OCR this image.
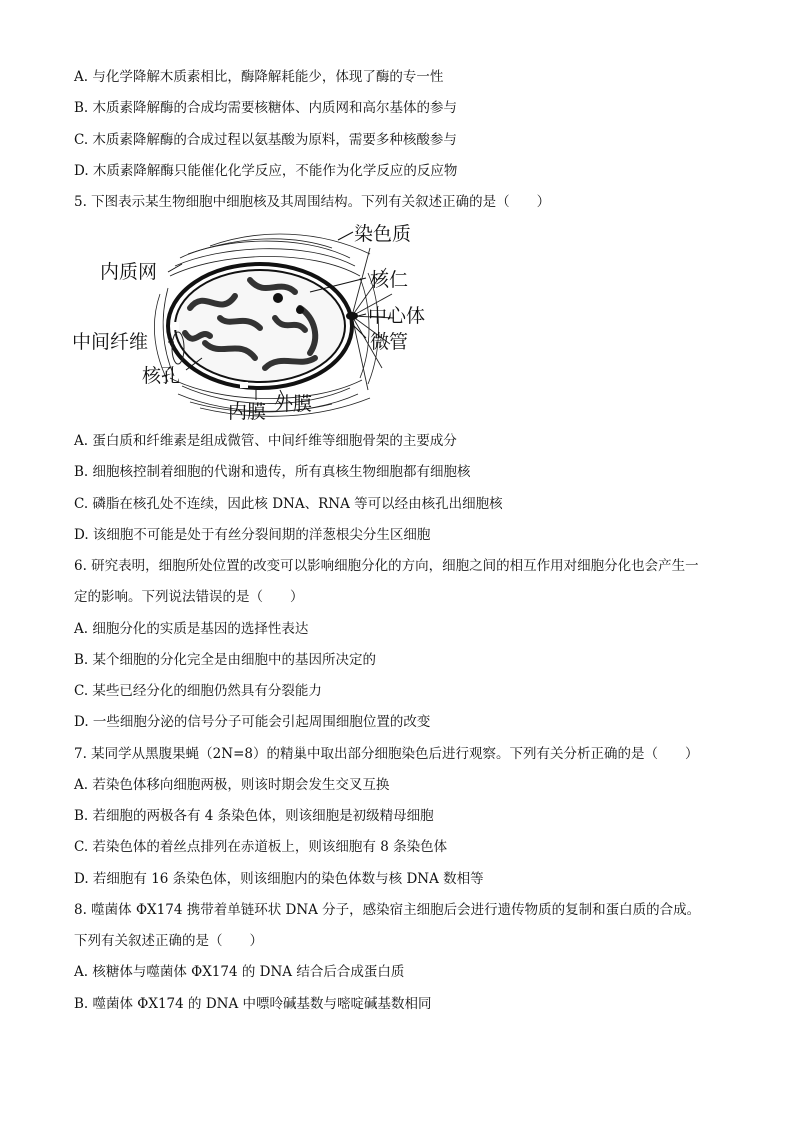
A. 与化学降解木质素相比，酶降解耗能少，体现了酶的专一性
B. 木质素降解酶的合成均需要核糖体、内质网和高尔基体的参与
C. 木质素降解酶的合成过程以氨基酸为原料，需要多种核酸参与
D. 木质素降解酶只能催化化学反应，不能作为化学反应的反应物
5. 下图表示某生物细胞中细胞核及其周围结构。下列有关叙述正确的是（　　）
染色质
内质网	核仁
中心体
中间纤维	微管
核孔
内膜 外膜
A. 蛋白质和纤维素是组成微管、中间纤维等细胞骨架的主要成分
B. 细胞核控制着细胞的代谢和遗传，所有真核生物细胞都有细胞核
C. 磷脂在核孔处不连续，因此核 DNA、RNA 等可以经由核孔出细胞核
D. 该细胞不可能是处于有丝分裂间期的洋葱根尖分生区细胞
6. 研究表明，细胞所处位置的改变可以影响细胞分化的方向，细胞之间的相互作用对细胞分化也会产生一
定的影响。下列说法错误的是（　　）
A. 细胞分化的实质是基因的选择性表达
B. 某个细胞的分化完全是由细胞中的基因所决定的
C. 某些已经分化的细胞仍然具有分裂能力
D. 一些细胞分泌的信号分子可能会引起周围细胞位置的改变
7. 某同学从黑腹果蝇（2N=8）的精巢中取出部分细胞染色后进行观察。下列有关分析正确的是（　　）
A. 若染色体移向细胞两极，则该时期会发生交叉互换
B. 若细胞的两极各有 4 条染色体，则该细胞是初级精母细胞
C. 若染色体的着丝点排列在赤道板上，则该细胞有 8 条染色体
D. 若细胞有 16 条染色体，则该细胞内的染色体数与核 DNA 数相等
8. 噬菌体 ΦX174 携带着单链环状 DNA 分子，感染宿主细胞后会进行遗传物质的复制和蛋白质的合成。
下列有关叙述正确的是（　　）
A. 核糖体与噬菌体 ΦX174 的 DNA 结合后合成蛋白质
B. 噬菌体 ΦX174 的 DNA 中嘌呤碱基数与嘧啶碱基数相同
